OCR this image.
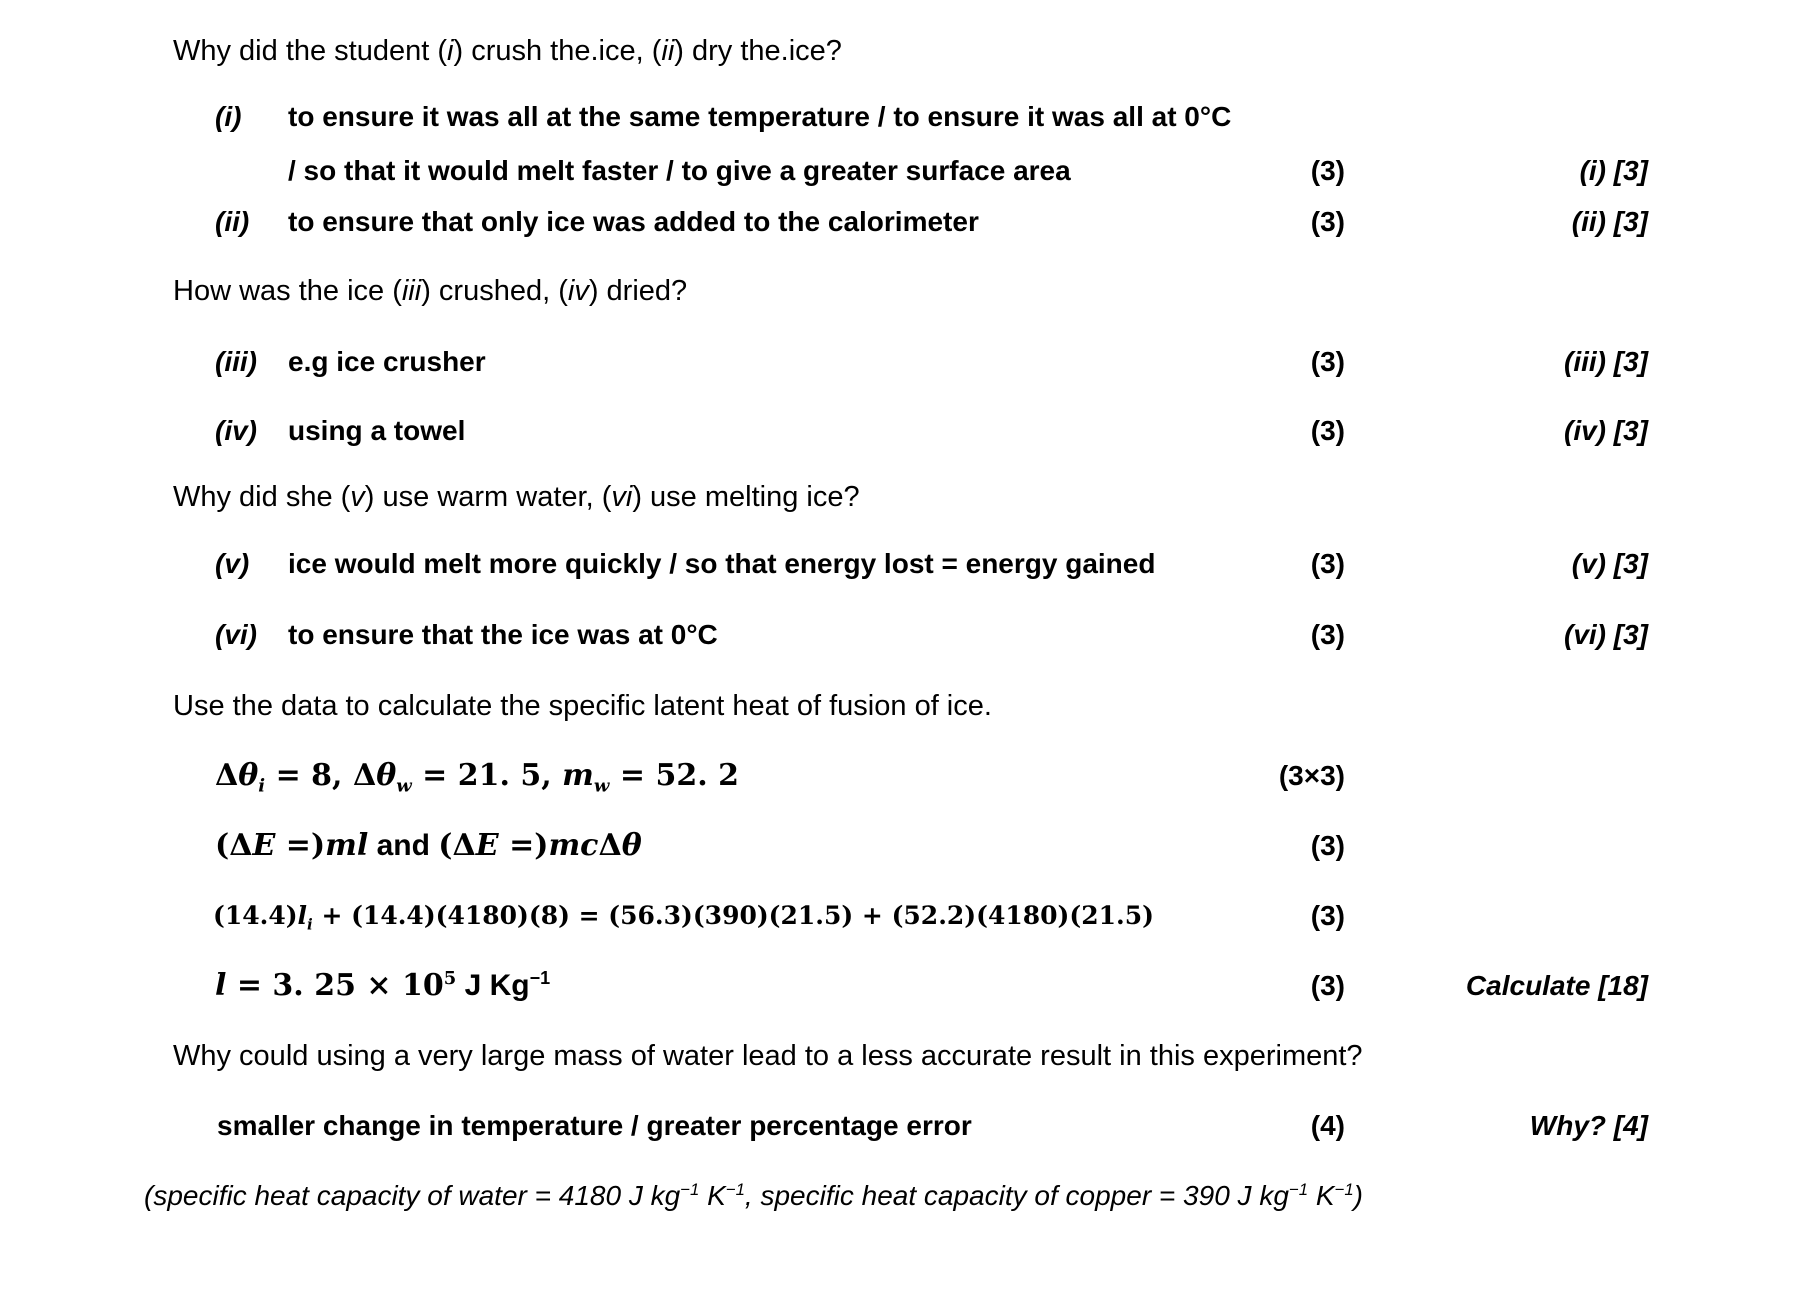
Why did the student (i) crush the.ice, (ii) dry the.ice?
(i) to ensure it was all at the same temperature / to ensure it was all at 0°C
/ so that it would melt faster / to give a greater surface area	(3)	(i) [3]
(ii) to ensure that only ice was added to the calorimeter	(3)	(ii) [3]
How was the ice (iii) crushed, (iv) dried?
(iii) e.g ice crusher	(3)	(iii) [3]
(iv) using a towel	(3)	(iv) [3]
Why did she (v) use warm water, (vi) use melting ice?
(v) ice would melt more quickly / so that energy lost = energy gained	(3)	(v) [3]
(vi) to ensure that the ice was at 0°C	(3)	(vi) [3]
Use the data to calculate the specific latent heat of fusion of ice.
$\Delta\theta_i = 8$, $\Delta\theta_w = 21$. 5, $m_w = 52$. 2	(3×3)
(ΔE =)ml and (ΔE =)mcΔθ	(3)
$(14.4)l_i + (14.4)(4180)(8) = (56.3)(390)(21.5) + (52.2)(4180)(21.5)$	(3)
l = 3. $25 \times 10^5$ J $Kg^{-1}$	(3)	Calculate [18]
Why could using a very large mass of water lead to a less accurate result in this experiment?
smaller change in temperature / greater percentage error	(4)	Why? [4]
(specific heat capacity of water = 4180 J $kg^{-1}$ $K^{-1}$, specific heat capacity of copper = 390 J $kg^{-1}$ $K^{-1}$)
